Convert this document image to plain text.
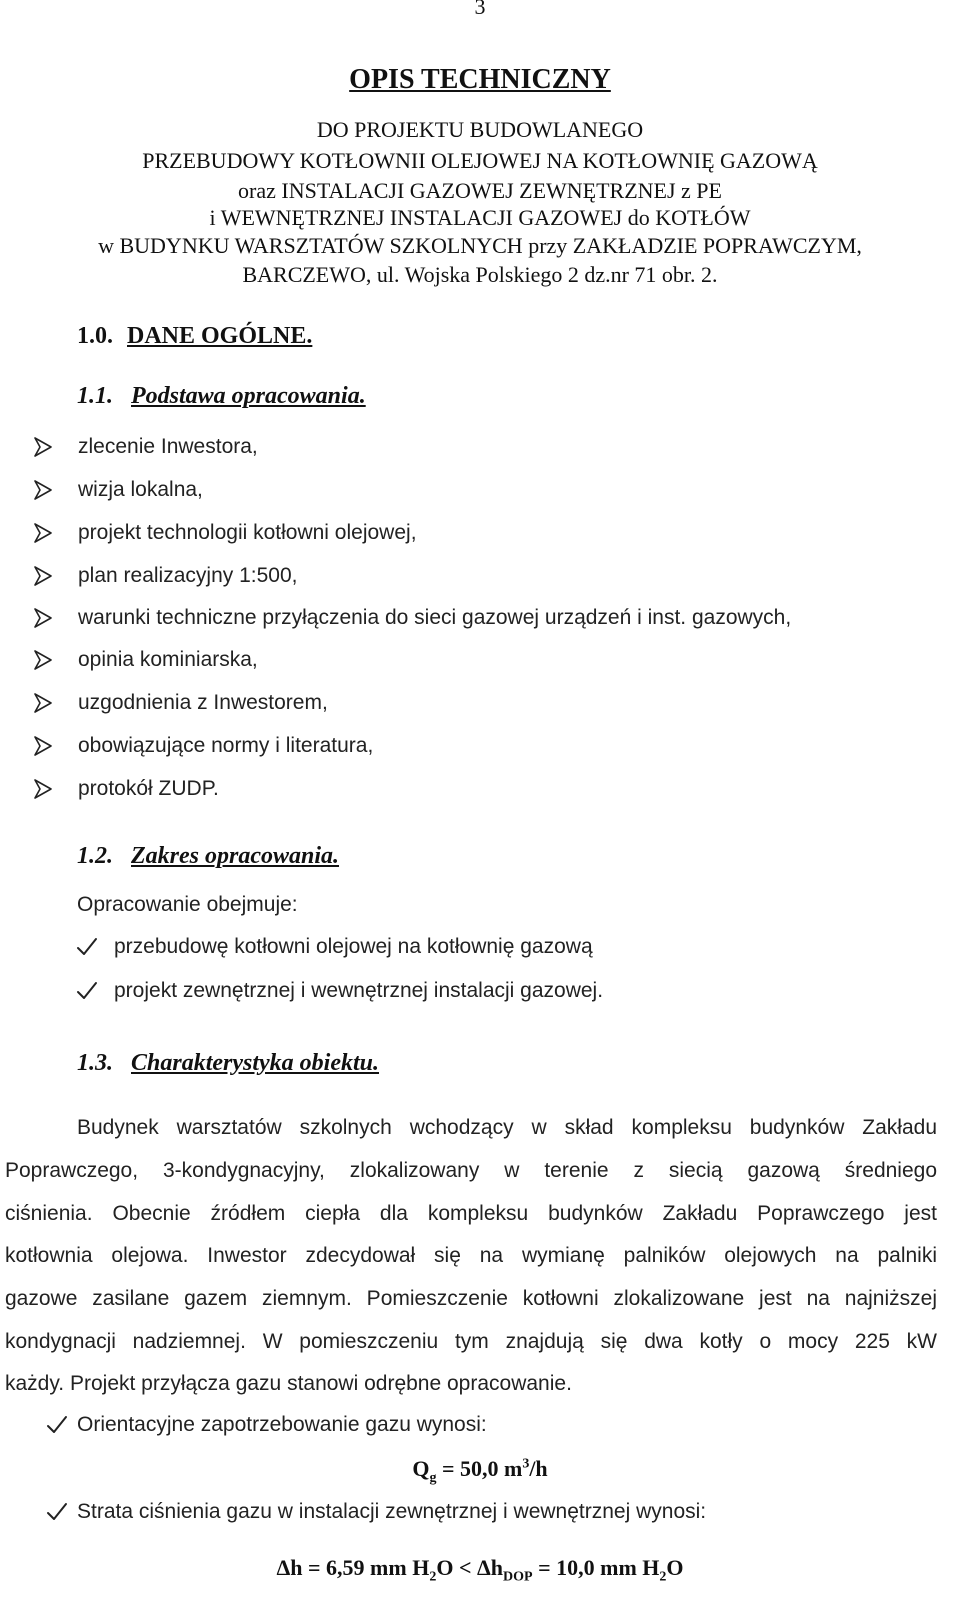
3
OPIS TECHNICZNY
DO PROJEKTU BUDOWLANEGO
PRZEBUDOWY KOTŁOWNII OLEJOWEJ NA KOTŁOWNIĘ GAZOWĄ
oraz INSTALACJI GAZOWEJ ZEWNĘTRZNEJ z PE
i WEWNĘTRZNEJ INSTALACJI GAZOWEJ do KOTŁÓW
w BUDYNKU WARSZTATÓW SZKOLNYCH przy ZAKŁADZIE POPRAWCZYM,
BARCZEWO, ul. Wojska Polskiego 2 dz.nr 71 obr. 2.
1.0. DANE OGÓLNE.
1.1. Podstawa opracowania.
zlecenie Inwestora,
wizja lokalna,
projekt technologii kotłowni olejowej,
plan realizacyjny 1:500,
warunki techniczne przyłączenia do sieci gazowej urządzeń i inst. gazowych,
opinia kominiarska,
uzgodnienia z Inwestorem,
obowiązujące normy i literatura,
protokół ZUDP.
1.2. Zakres opracowania.
Opracowanie obejmuje:
przebudowę kotłowni olejowej na kotłownię gazową
projekt zewnętrznej i wewnętrznej instalacji gazowej.
1.3. Charakterystyka obiektu.
Budynek warsztatów szkolnych wchodzący w skład kompleksu budynków Zakładu
Poprawczego, 3-kondygnacyjny, zlokalizowany w terenie z siecią gazową średniego
ciśnienia. Obecnie źródłem ciepła dla kompleksu budynków Zakładu Poprawczego jest
kotłownia olejowa. Inwestor zdecydował się na wymianę palników olejowych na palniki
gazowe zasilane gazem ziemnym. Pomieszczenie kotłowni zlokalizowane jest na najniższej
kondygnacji nadziemnej. W pomieszczeniu tym znajdują się dwa kotły o mocy 225 kW
każdy. Projekt przyłącza gazu stanowi odrębne opracowanie.
Orientacyjne zapotrzebowanie gazu wynosi:
$Q_g = 50,0$ $m^3/h$
Strata ciśnienia gazu w instalacji zewnętrznej i wewnętrznej wynosi:
Δh = 6,59 mm $H_2O < \Delta h_{DOP} = 10,0$ mm $H_2O$
